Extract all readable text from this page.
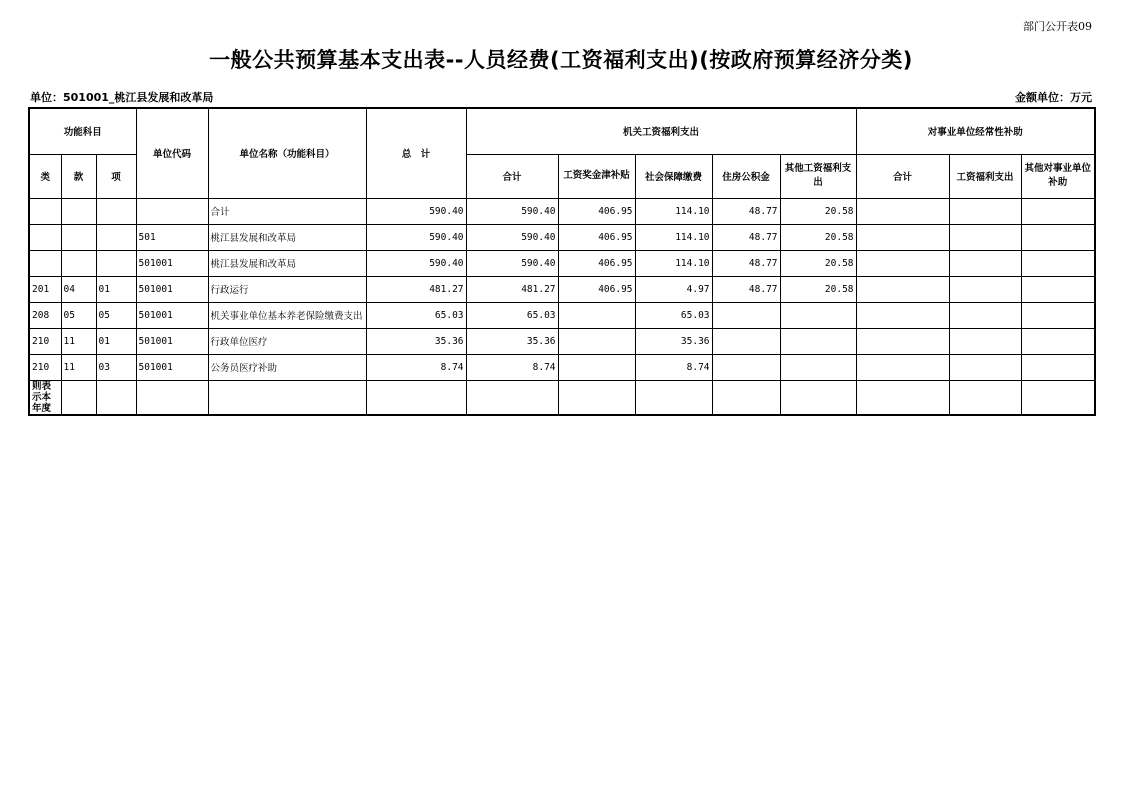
部门公开表09
一般公共预算基本支出表--人员经费(工资福利支出)(按政府预算经济分类)
单位：501001_桃江县发展和改革局	金额单位：万元
功能科目			单位代码	单位名称（功能科目）	总　计	机关工资福利支出					对事业单位经常性补助		
类	款	项				合计	工资奖金津补贴	社会保障缴费	住房公积金	其他工资福利支出	合计	工资福利支出	其他对事业单位补助
				合计	590.40	590.40	406.95	114.10	48.77	20.58			
			501	桃江县发展和改革局	590.40	590.40	406.95	114.10	48.77	20.58			
			501001	桃江县发展和改革局	590.40	590.40	406.95	114.10	48.77	20.58			
201	04	01	501001	行政运行	481.27	481.27	406.95	4.97	48.77	20.58			
208	05	05	501001	机关事业单位基本养老保险缴费支出	65.03	65.03		65.03					
210	11	01	501001	行政单位医疗	35.36	35.36		35.36					
210	11	03	501001	公务员医疗补助	8.74	8.74		8.74					
则表示本年度													
